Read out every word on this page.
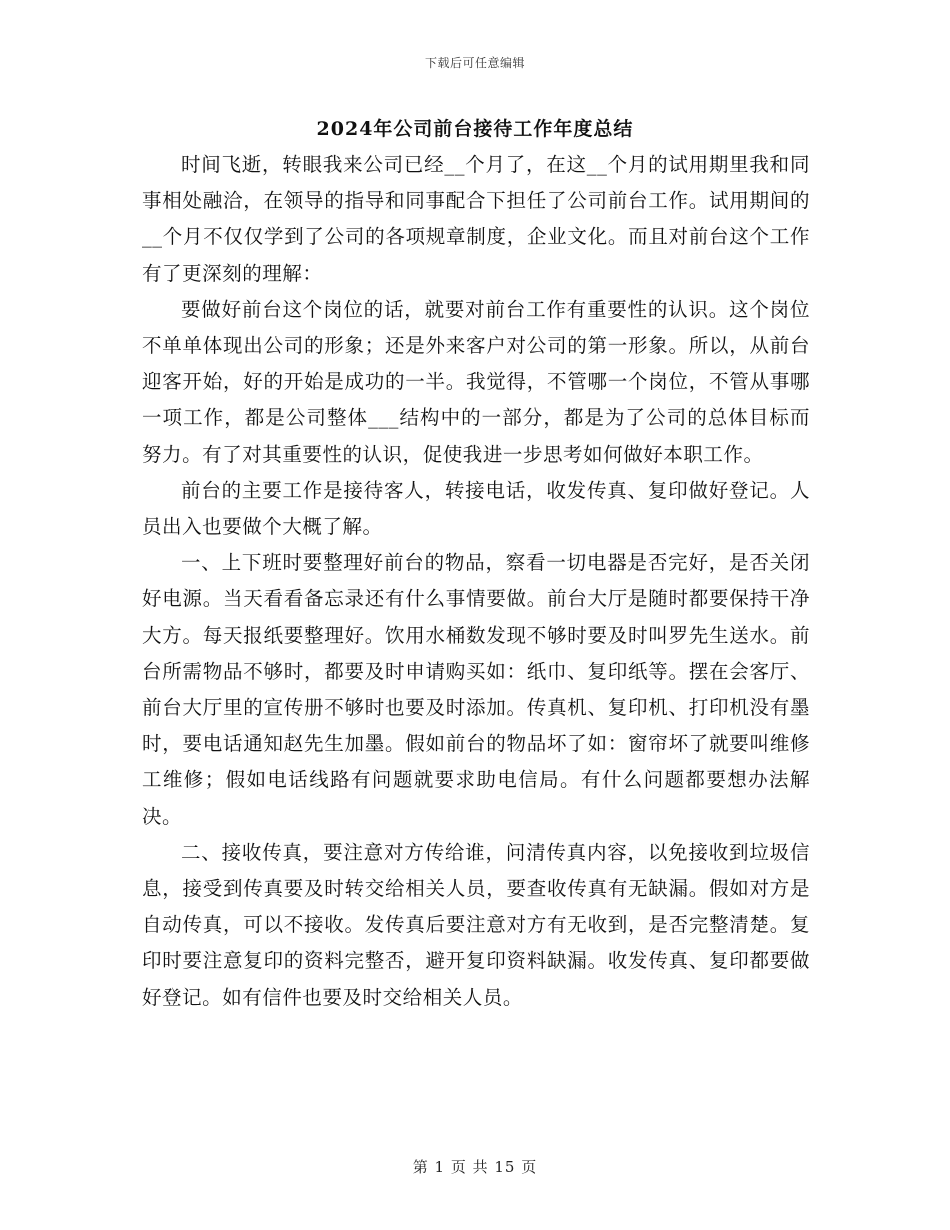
下载后可任意编辑
2024年公司前台接待工作年度总结

时间飞逝，转眼我来公司已经__个月了，在这__个月的试用期里我和同事相处融洽，在领导的指导和同事配合下担任了公司前台工作。试用期间的__个月不仅仅学到了公司的各项规章制度，企业文化。而且对前台这个工作有了更深刻的理解：

要做好前台这个岗位的话，就要对前台工作有重要性的认识。这个岗位不单单体现出公司的形象；还是外来客户对公司的第一形象。所以，从前台迎客开始，好的开始是成功的一半。我觉得，不管哪一个岗位，不管从事哪一项工作，都是公司整体___结构中的一部分，都是为了公司的总体目标而努力。有了对其重要性的认识，促使我进一步思考如何做好本职工作。

前台的主要工作是接待客人，转接电话，收发传真、复印做好登记。人员出入也要做个大概了解。

一、上下班时要整理好前台的物品，察看一切电器是否完好，是否关闭好电源。当天看看备忘录还有什么事情要做。前台大厅是随时都要保持干净大方。每天报纸要整理好。饮用水桶数发现不够时要及时叫罗先生送水。前台所需物品不够时，都要及时申请购买如：纸巾、复印纸等。摆在会客厅、前台大厅里的宣传册不够时也要及时添加。传真机、复印机、打印机没有墨时，要电话通知赵先生加墨。假如前台的物品坏了如：窗帘坏了就要叫维修工维修；假如电话线路有问题就要求助电信局。有什么问题都要想办法解决。

二、接收传真，要注意对方传给谁，问清传真内容，以免接收到垃圾信息，接受到传真要及时转交给相关人员，要查收传真有无缺漏。假如对方是自动传真，可以不接收。发传真后要注意对方有无收到，是否完整清楚。复印时要注意复印的资料完整否，避开复印资料缺漏。收发传真、复印都要做好登记。如有信件也要及时交给相关人员。

第 1 页 共 15 页
